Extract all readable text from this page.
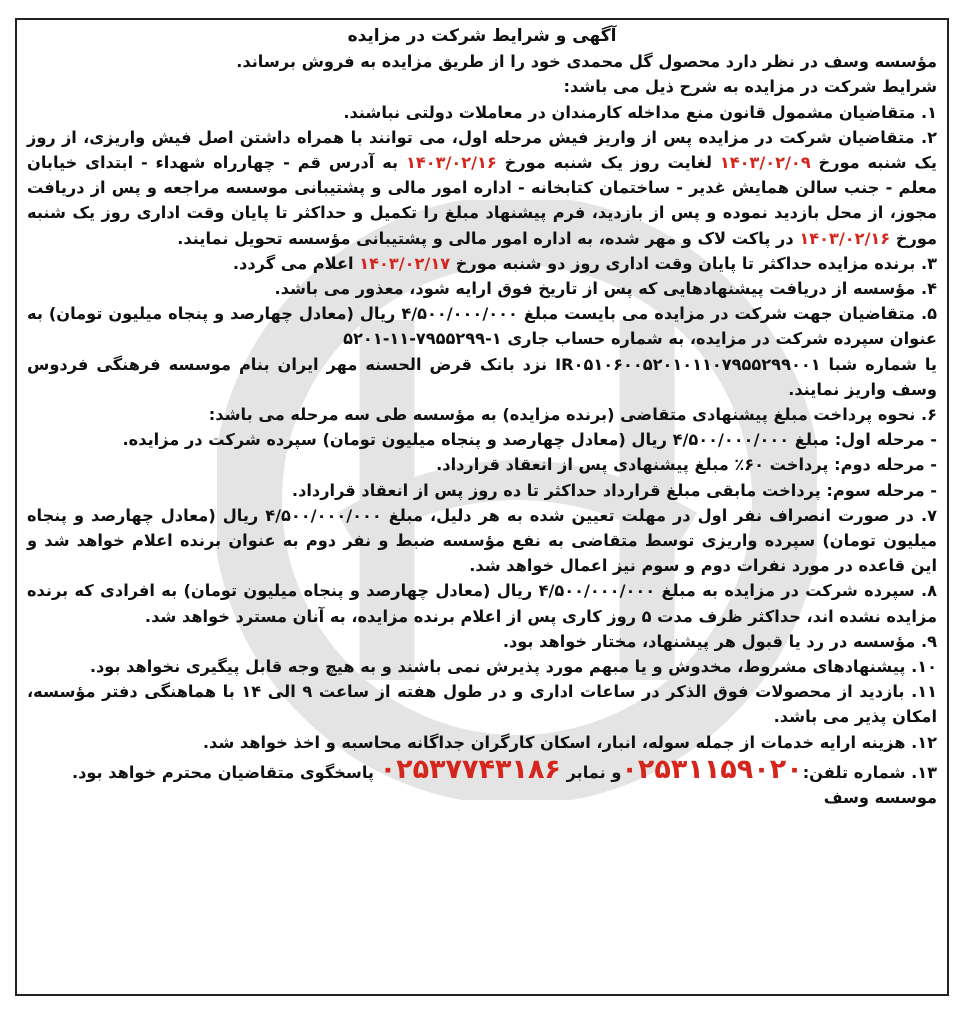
آگهی و شرایط شرکت در مزایده

مؤسسه وسف در نظر دارد محصول گل محمدی خود را از طریق مزایده به فروش برساند.

شرایط شرکت در مزایده به شرح ذیل می باشد:

۱. متقاضیان مشمول قانون منع مداخله کارمندان در معاملات دولتی نباشند.

۲. متقاضیان شرکت در مزایده پس از واریز فیش مرحله اول، می توانند با همراه داشتن اصل فیش واریزی، از روز یک شنبه مورخ ۱۴۰۳/۰۲/۰۹ لغایت روز یک شنبه مورخ ۱۴۰۳/۰۲/۱۶ به آدرس قم - چهارراه شهداء - ابتدای خیابان معلم - جنب سالن همایش غدیر - ساختمان کتابخانه - اداره امور مالی و پشتیبانی موسسه مراجعه و پس از دریافت مجوز، از محل بازدید نموده و پس از بازدید، فرم پیشنهاد مبلغ را تکمیل و حداکثر تا پایان وقت اداری روز یک شنبه مورخ ۱۴۰۳/۰۲/۱۶ در پاکت لاک و مهر شده، به اداره امور مالی و پشتیبانی مؤسسه تحویل نمایند.

۳. برنده مزایده حداکثر تا پایان وقت اداری روز دو شنبه مورخ ۱۴۰۳/۰۲/۱۷ اعلام می گردد.

۴. مؤسسه از دریافت پیشنهادهایی که پس از تاریخ فوق ارایه شود، معذور می باشد.

۵. متقاضیان جهت شرکت در مزایده می بایست مبلغ ۴/۵۰۰/۰۰۰/۰۰۰ ریال (معادل چهارصد و پنجاه میلیون تومان) به عنوان سپرده شرکت در مزایده، به شماره حساب جاری ۱-۷۹۵۵۲۹۹-۱۱-۵۲۰۱

یا شماره شبا IR۰۵۱۰۶۰۰۵۲۰۱۰۱۱۰۷۹۵۵۲۹۹۰۰۱ نزد بانک قرض الحسنه مهر ایران بنام موسسه فرهنگی فردوس وسف واریز نمایند.

۶. نحوه پرداخت مبلغ پیشنهادی متقاضی (برنده مزایده) به مؤسسه طی سه مرحله می باشد:

- مرحله اول: مبلغ ۴/۵۰۰/۰۰۰/۰۰۰ ریال (معادل چهارصد و پنجاه میلیون تومان) سپرده شرکت در مزایده.

- مرحله دوم: پرداخت ۶۰٪ مبلغ پیشنهادی پس از انعقاد قرارداد.

- مرحله سوم: پرداخت مابقی مبلغ قرارداد حداکثر تا ده روز پس از انعقاد قرارداد.

۷. در صورت انصراف نفر اول در مهلت تعیین شده به هر دلیل، مبلغ ۴/۵۰۰/۰۰۰/۰۰۰ ریال (معادل چهارصد و پنجاه میلیون تومان) سپرده واریزی توسط متقاضی به نفع مؤسسه ضبط و نفر دوم به عنوان برنده اعلام خواهد شد و این قاعده در مورد نفرات دوم و سوم نیز اعمال خواهد شد.

۸. سپرده شرکت در مزایده به مبلغ ۴/۵۰۰/۰۰۰/۰۰۰ ریال (معادل چهارصد و پنجاه میلیون تومان) به افرادی که برنده مزایده نشده اند، حداکثر ظرف مدت ۵ روز کاری پس از اعلام برنده مزایده، به آنان مسترد خواهد شد.

۹. مؤسسه در رد یا قبول هر پیشنهاد، مختار خواهد بود.

۱۰. پیشنهادهای مشروط، مخدوش و یا مبهم مورد پذیرش نمی باشند و به هیچ وجه قابل پیگیری نخواهد بود.

۱۱. بازدید از محصولات فوق الذکر در ساعات اداری و در طول هفته از ساعت ۹ الی ۱۴ با هماهنگی دفتر مؤسسه، امکان پذیر می باشد.

۱۲. هزینه ارایه خدمات از جمله سوله، انبار، اسکان کارگران جداگانه محاسبه و اخذ خواهد شد.

۱۳. شماره تلفن:۰۲۵۳۱۱۵۹۰۲۰و نمابر ۰۲۵۳۷۷۴۳۱۸۶ پاسخگوی متقاضیان محترم خواهد بود.

موسسه وسف
